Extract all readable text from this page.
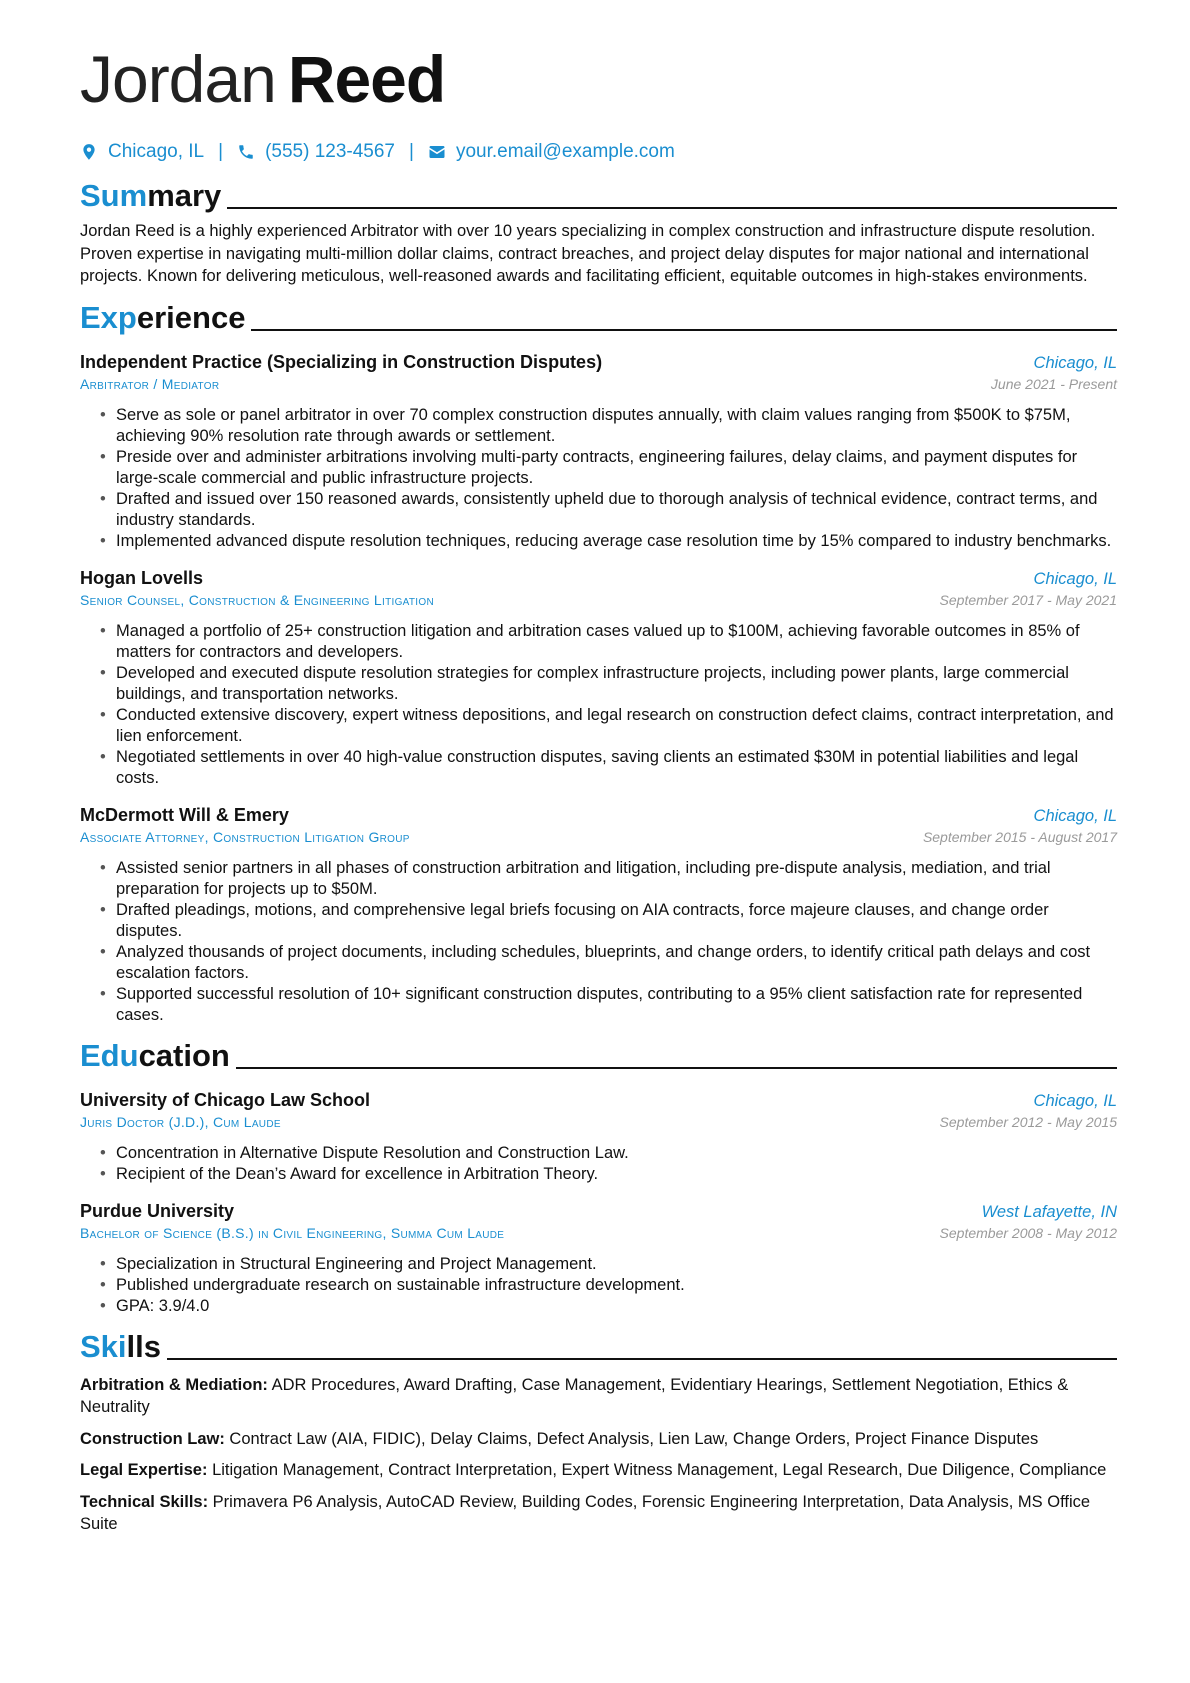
Jordan Reed
Chicago, IL | (555) 123-4567 | your.email@example.com
Summary
Jordan Reed is a highly experienced Arbitrator with over 10 years specializing in complex construction and infrastructure dispute resolution. Proven expertise in navigating multi-million dollar claims, contract breaches, and project delay disputes for major national and international projects. Known for delivering meticulous, well-reasoned awards and facilitating efficient, equitable outcomes in high-stakes environments.
Experience
Independent Practice (Specializing in Construction Disputes)	Chicago, IL
Arbitrator / Mediator	June 2021 - Present
• Serve as sole or panel arbitrator in over 70 complex construction disputes annually, with claim values ranging from $500K to $75M, achieving 90% resolution rate through awards or settlement.
• Preside over and administer arbitrations involving multi-party contracts, engineering failures, delay claims, and payment disputes for large-scale commercial and public infrastructure projects.
• Drafted and issued over 150 reasoned awards, consistently upheld due to thorough analysis of technical evidence, contract terms, and industry standards.
• Implemented advanced dispute resolution techniques, reducing average case resolution time by 15% compared to industry benchmarks.
Hogan Lovells	Chicago, IL
Senior Counsel, Construction & Engineering Litigation	September 2017 - May 2021
• Managed a portfolio of 25+ construction litigation and arbitration cases valued up to $100M, achieving favorable outcomes in 85% of matters for contractors and developers.
• Developed and executed dispute resolution strategies for complex infrastructure projects, including power plants, large commercial buildings, and transportation networks.
• Conducted extensive discovery, expert witness depositions, and legal research on construction defect claims, contract interpretation, and lien enforcement.
• Negotiated settlements in over 40 high-value construction disputes, saving clients an estimated $30M in potential liabilities and legal costs.
McDermott Will & Emery	Chicago, IL
Associate Attorney, Construction Litigation Group	September 2015 - August 2017
• Assisted senior partners in all phases of construction arbitration and litigation, including pre-dispute analysis, mediation, and trial preparation for projects up to $50M.
• Drafted pleadings, motions, and comprehensive legal briefs focusing on AIA contracts, force majeure clauses, and change order disputes.
• Analyzed thousands of project documents, including schedules, blueprints, and change orders, to identify critical path delays and cost escalation factors.
• Supported successful resolution of 10+ significant construction disputes, contributing to a 95% client satisfaction rate for represented cases.
Education
University of Chicago Law School	Chicago, IL
Juris Doctor (J.D.), Cum Laude	September 2012 - May 2015
• Concentration in Alternative Dispute Resolution and Construction Law.
• Recipient of the Dean’s Award for excellence in Arbitration Theory.
Purdue University	West Lafayette, IN
Bachelor of Science (B.S.) in Civil Engineering, Summa Cum Laude	September 2008 - May 2012
• Specialization in Structural Engineering and Project Management.
• Published undergraduate research on sustainable infrastructure development.
• GPA: 3.9/4.0
Skills
Arbitration & Mediation: ADR Procedures, Award Drafting, Case Management, Evidentiary Hearings, Settlement Negotiation, Ethics & Neutrality
Construction Law: Contract Law (AIA, FIDIC), Delay Claims, Defect Analysis, Lien Law, Change Orders, Project Finance Disputes
Legal Expertise: Litigation Management, Contract Interpretation, Expert Witness Management, Legal Research, Due Diligence, Compliance
Technical Skills: Primavera P6 Analysis, AutoCAD Review, Building Codes, Forensic Engineering Interpretation, Data Analysis, MS Office Suite
